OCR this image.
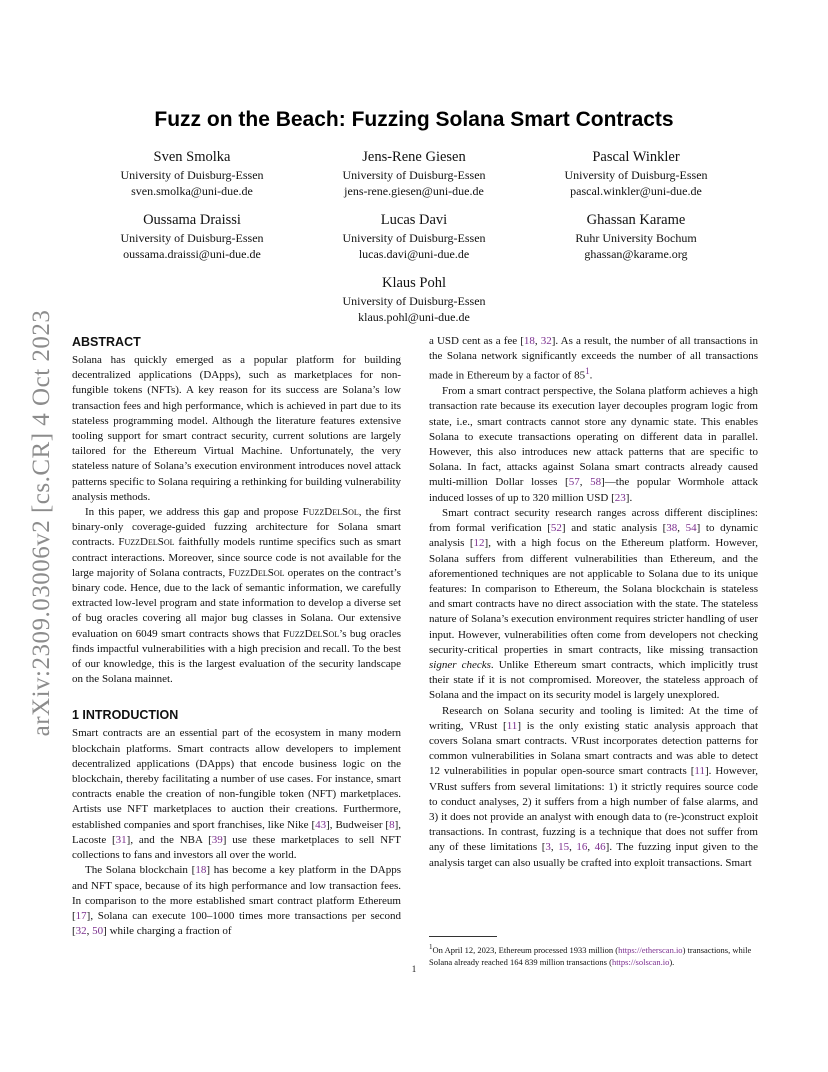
arXiv:2309.03006v2 [cs.CR] 4 Oct 2023
Fuzz on the Beach: Fuzzing Solana Smart Contracts
Sven Smolka
University of Duisburg-Essen
sven.smolka@uni-due.de
Jens-Rene Giesen
University of Duisburg-Essen
jens-rene.giesen@uni-due.de
Pascal Winkler
University of Duisburg-Essen
pascal.winkler@uni-due.de
Oussama Draissi
University of Duisburg-Essen
oussama.draissi@uni-due.de
Lucas Davi
University of Duisburg-Essen
lucas.davi@uni-due.de
Ghassan Karame
Ruhr University Bochum
ghassan@karame.org
Klaus Pohl
University of Duisburg-Essen
klaus.pohl@uni-due.de
ABSTRACT

Solana has quickly emerged as a popular platform for building decentralized applications (DApps), such as marketplaces for non-fungible tokens (NFTs). A key reason for its success are Solana’s low transaction fees and high performance, which is achieved in part due to its stateless programming model. Although the literature features extensive tooling support for smart contract security, current solutions are largely tailored for the Ethereum Virtual Machine. Unfortunately, the very stateless nature of Solana’s execution environment introduces novel attack patterns specific to Solana requiring a rethinking for building vulnerability analysis methods.

In this paper, we address this gap and propose FuzzDelSol, the first binary-only coverage-guided fuzzing architecture for Solana smart contracts. FuzzDelSol faithfully models runtime specifics such as smart contract interactions. Moreover, since source code is not available for the large majority of Solana contracts, FuzzDelSol operates on the contract’s binary code. Hence, due to the lack of semantic information, we carefully extracted low-level program and state information to develop a diverse set of bug oracles covering all major bug classes in Solana. Our extensive evaluation on 6049 smart contracts shows that FuzzDelSol’s bug oracles finds impactful vulnerabilities with a high precision and recall. To the best of our knowledge, this is the largest evaluation of the security landscape on the Solana mainnet.

1 INTRODUCTION

Smart contracts are an essential part of the ecosystem in many modern blockchain platforms. Smart contracts allow developers to implement decentralized applications (DApps) that encode business logic on the blockchain, thereby facilitating a number of use cases. For instance, smart contracts enable the creation of non-fungible token (NFT) marketplaces. Artists use NFT marketplaces to auction their creations. Furthermore, established companies and sport franchises, like Nike [43], Budweiser [8], Lacoste [31], and the NBA [39] use these marketplaces to sell NFT collections to fans and investors all over the world.

The Solana blockchain [18] has become a key platform in the DApps and NFT space, because of its high performance and low transaction fees. In comparison to the more established smart contract platform Ethereum [17], Solana can execute 100–1000 times more transactions per second [32, 50] while charging a fraction of

a USD cent as a fee [18, 32]. As a result, the number of all transactions in the Solana network significantly exceeds the number of all transactions made in Ethereum by a factor of 85$^1$.

From a smart contract perspective, the Solana platform achieves a high transaction rate because its execution layer decouples program logic from state, i.e., smart contracts cannot store any dynamic state. This enables Solana to execute transactions operating on different data in parallel. However, this also introduces new attack patterns that are specific to Solana. In fact, attacks against Solana smart contracts already caused multi-million Dollar losses [57, 58]—the popular Wormhole attack induced losses of up to 320 million USD [23].

Smart contract security research ranges across different disciplines: from formal verification [52] and static analysis [38, 54] to dynamic analysis [12], with a high focus on the Ethereum platform. However, Solana suffers from different vulnerabilities than Ethereum, and the aforementioned techniques are not applicable to Solana due to its unique features: In comparison to Ethereum, the Solana blockchain is stateless and smart contracts have no direct association with the state. The stateless nature of Solana’s execution environment requires stricter handling of user input. However, vulnerabilities often come from developers not checking security-critical properties in smart contracts, like missing transaction signer checks. Unlike Ethereum smart contracts, which implicitly trust their state if it is not compromised. Moreover, the stateless approach of Solana and the impact on its security model is largely unexplored.

Research on Solana security and tooling is limited: At the time of writing, VRust [11] is the only existing static analysis approach that covers Solana smart contracts. VRust incorporates detection patterns for common vulnerabilities in Solana smart contracts and was able to detect 12 vulnerabilities in popular open-source smart contracts [11]. However, VRust suffers from several limitations: 1) it strictly requires source code to conduct analyses, 2) it suffers from a high number of false alarms, and 3) it does not provide an analyst with enough data to (re-)construct exploit transactions. In contrast, fuzzing is a technique that does not suffer from any of these limitations [3, 15, 16, 46]. The fuzzing input given to the analysis target can also usually be crafted into exploit transactions. Smart

$^1$On April 12, 2023, Ethereum processed 1933 million (https://etherscan.io) transactions, while Solana already reached 164 839 million transactions (https://solscan.io).
1
